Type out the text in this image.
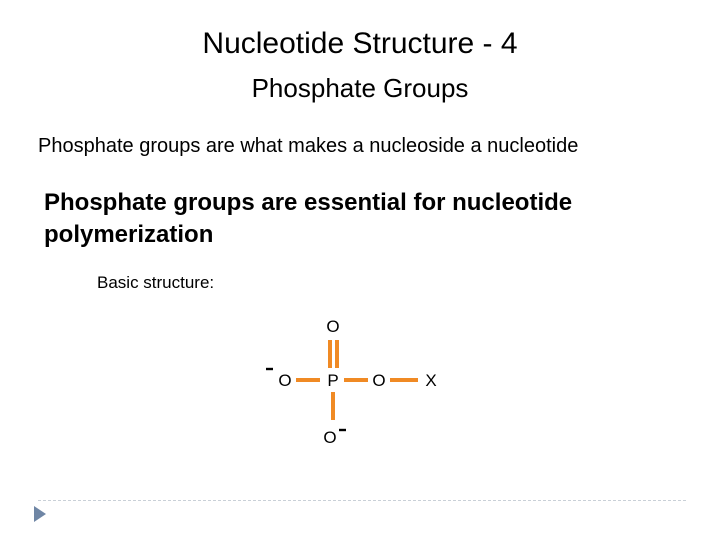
Nucleotide Structure - 4
Phosphate Groups
Phosphate groups are what makes a nucleoside a nucleotide
Phosphate groups are essential for nucleotide polymerization
Basic structure:
O
O P O X
O
